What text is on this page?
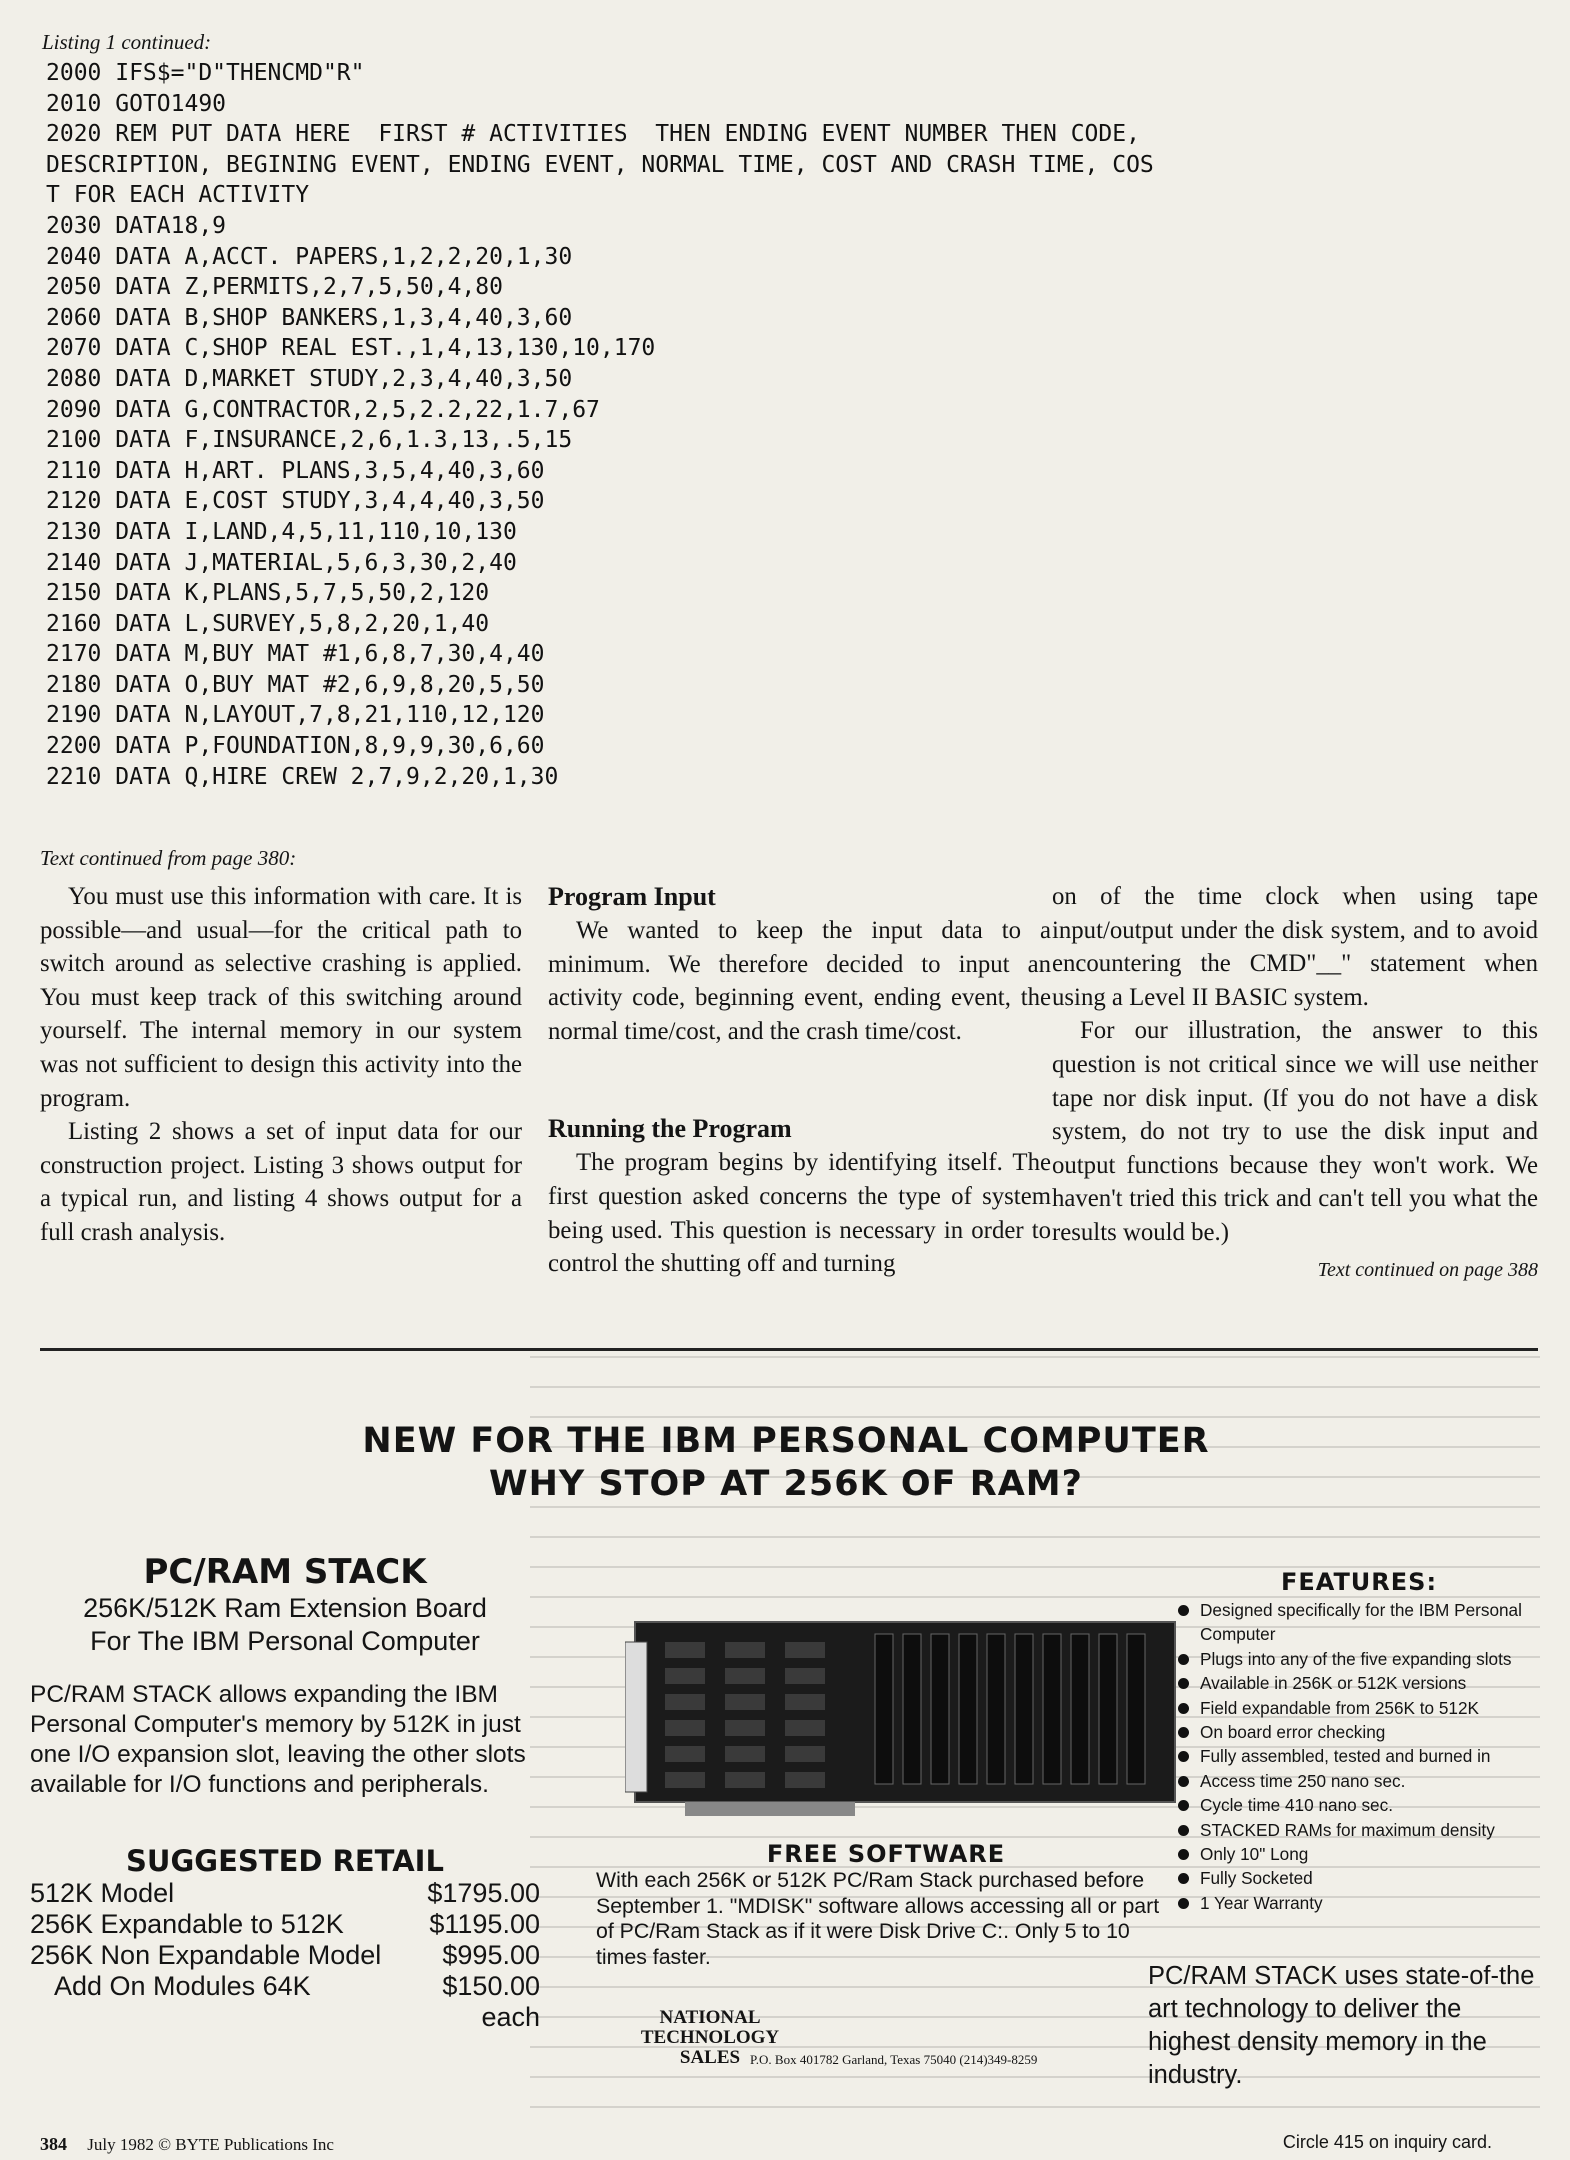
Listing 1 continued:
2000 IFS$="D"THENCMD"R"
2010 GOTO1490
2020 REM PUT DATA HERE  FIRST # ACTIVITIES  THEN ENDING EVENT NUMBER THEN CODE,
DESCRIPTION, BEGINING EVENT, ENDING EVENT, NORMAL TIME, COST AND CRASH TIME, COS
T FOR EACH ACTIVITY
2030 DATA18,9
2040 DATA A,ACCT. PAPERS,1,2,2,20,1,30
2050 DATA Z,PERMITS,2,7,5,50,4,80
2060 DATA B,SHOP BANKERS,1,3,4,40,3,60
2070 DATA C,SHOP REAL EST.,1,4,13,130,10,170
2080 DATA D,MARKET STUDY,2,3,4,40,3,50
2090 DATA G,CONTRACTOR,2,5,2.2,22,1.7,67
2100 DATA F,INSURANCE,2,6,1.3,13,.5,15
2110 DATA H,ART. PLANS,3,5,4,40,3,60
2120 DATA E,COST STUDY,3,4,4,40,3,50
2130 DATA I,LAND,4,5,11,110,10,130
2140 DATA J,MATERIAL,5,6,3,30,2,40
2150 DATA K,PLANS,5,7,5,50,2,120
2160 DATA L,SURVEY,5,8,2,20,1,40
2170 DATA M,BUY MAT #1,6,8,7,30,4,40
2180 DATA O,BUY MAT #2,6,9,8,20,5,50
2190 DATA N,LAYOUT,7,8,21,110,12,120
2200 DATA P,FOUNDATION,8,9,9,30,6,60
2210 DATA Q,HIRE CREW 2,7,9,2,20,1,30
Text continued from page 380:

You must use this information with care. It is possible—and usual—for the critical path to switch around as selective crashing is applied. You must keep track of this switching around yourself. The internal memory in our system was not sufficient to design this activity into the program.

Listing 2 shows a set of input data for our construction project. Listing 3 shows output for a typical run, and listing 4 shows output for a full crash analysis.

Program Input

We wanted to keep the input data to a minimum. We therefore decided to input an activity code, beginning event, ending event, the normal time/cost, and the crash time/cost.

Running the Program

The program begins by identifying itself. The first question asked concerns the type of system being used. This question is necessary in order to control the shutting off and turning

on of the time clock when using tape input/output under the disk system, and to avoid encountering the CMD"__" statement when using a Level II BASIC system.

For our illustration, the answer to this question is not critical since we will use neither tape nor disk input. (If you do not have a disk system, do not try to use the disk input and output functions because they won't work. We haven't tried this trick and can't tell you what the results would be.)

Text continued on page 388
NEW FOR THE IBM PERSONAL COMPUTER
WHY STOP AT 256K OF RAM?
PC/RAM STACK
256K/512K Ram Extension Board
For The IBM Personal Computer
PC/RAM STACK allows expanding the IBM Personal Computer's memory by 512K in just one I/O expansion slot, leaving the other slots available for I/O functions and peripherals.
SUGGESTED RETAIL
512K Model	$1795.00
256K Expandable to 512K	$1195.00
256K Non Expandable Model $995.00
Add On Modules 64K	$150.00
each
FREE SOFTWARE

With each 256K or 512K PC/Ram Stack purchased before September 1. "MDISK" software allows accessing all or part of PC/Ram Stack as if it were Disk Drive C:. Only 5 to 10 times faster.

NATIONAL
TECHNOLOGY
SALES P.O. Box 401782 Garland, Texas 75040 (214)349-8259
FEATURES:
Designed specifically for the IBM Personal Computer
Plugs into any of the five expanding slots
Available in 256K or 512K versions
Field expandable from 256K to 512K
On board error checking
Fully assembled, tested and burned in
Access time 250 nano sec.
Cycle time 410 nano sec.
STACKED RAMs for maximum density
Only 10" Long
Fully Socketed
1 Year Warranty
PC/RAM STACK uses state-of-the art technology to deliver the highest density memory in the industry.
384 July 1982 © BYTE Publications Inc	Circle 415 on inquiry card.
